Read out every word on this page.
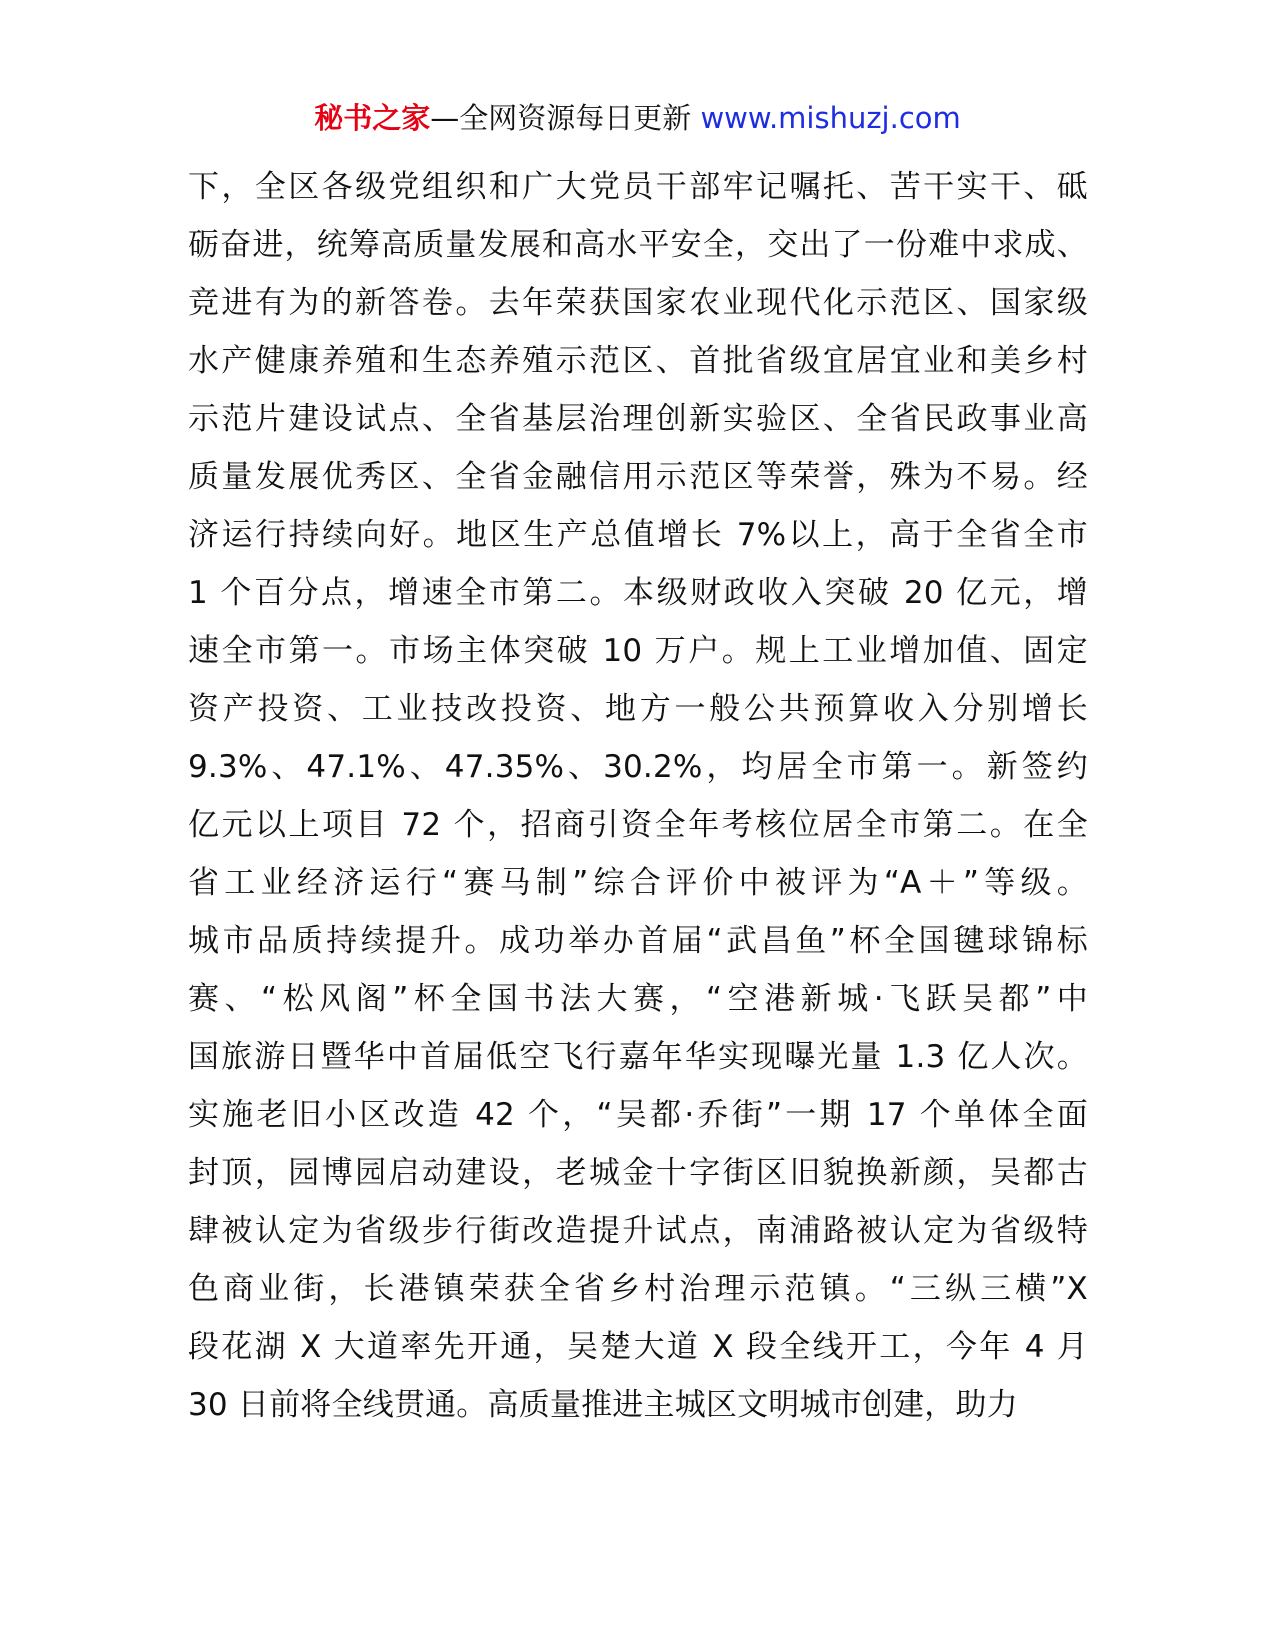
秘书之家—全网资源每日更新 www.mishuzj.com
下，全区各级党组织和广大党员干部牢记嘱托、苦干实干、砥
砺奋进，统筹高质量发展和高水平安全，交出了一份难中求成、
竞进有为的新答卷。去年荣获国家农业现代化示范区、国家级
水产健康养殖和生态养殖示范区、首批省级宜居宜业和美乡村
示范片建设试点、全省基层治理创新实验区、全省民政事业高
质量发展优秀区、全省金融信用示范区等荣誉，殊为不易。经
济运行持续向好。地区生产总值增长 7%以上，高于全省全市
1 个百分点，增速全市第二。本级财政收入突破 20 亿元，增
速全市第一。市场主体突破 10 万户。规上工业增加值、固定
资产投资、工业技改投资、地方一般公共预算收入分别增长
9.3%、47.1%、47.35%、30.2%，均居全市第一。新签约
亿元以上项目 72 个，招商引资全年考核位居全市第二。在全
省工业经济运行“赛马制”综合评价中被评为“A＋”等级。
城市品质持续提升。成功举办首届“武昌鱼”杯全国毽球锦标
赛、“松风阁”杯全国书法大赛，“空港新城·飞跃吴都”中
国旅游日暨华中首届低空飞行嘉年华实现曝光量 1.3 亿人次。
实施老旧小区改造 42 个，“吴都·乔街”一期 17 个单体全面
封顶，园博园启动建设，老城金十字街区旧貌换新颜，吴都古
肆被认定为省级步行街改造提升试点，南浦路被认定为省级特
色商业街，长港镇荣获全省乡村治理示范镇。“三纵三横”X
段花湖 X 大道率先开通，吴楚大道 X 段全线开工，今年 4 月
30 日前将全线贯通。高质量推进主城区文明城市创建，助力
